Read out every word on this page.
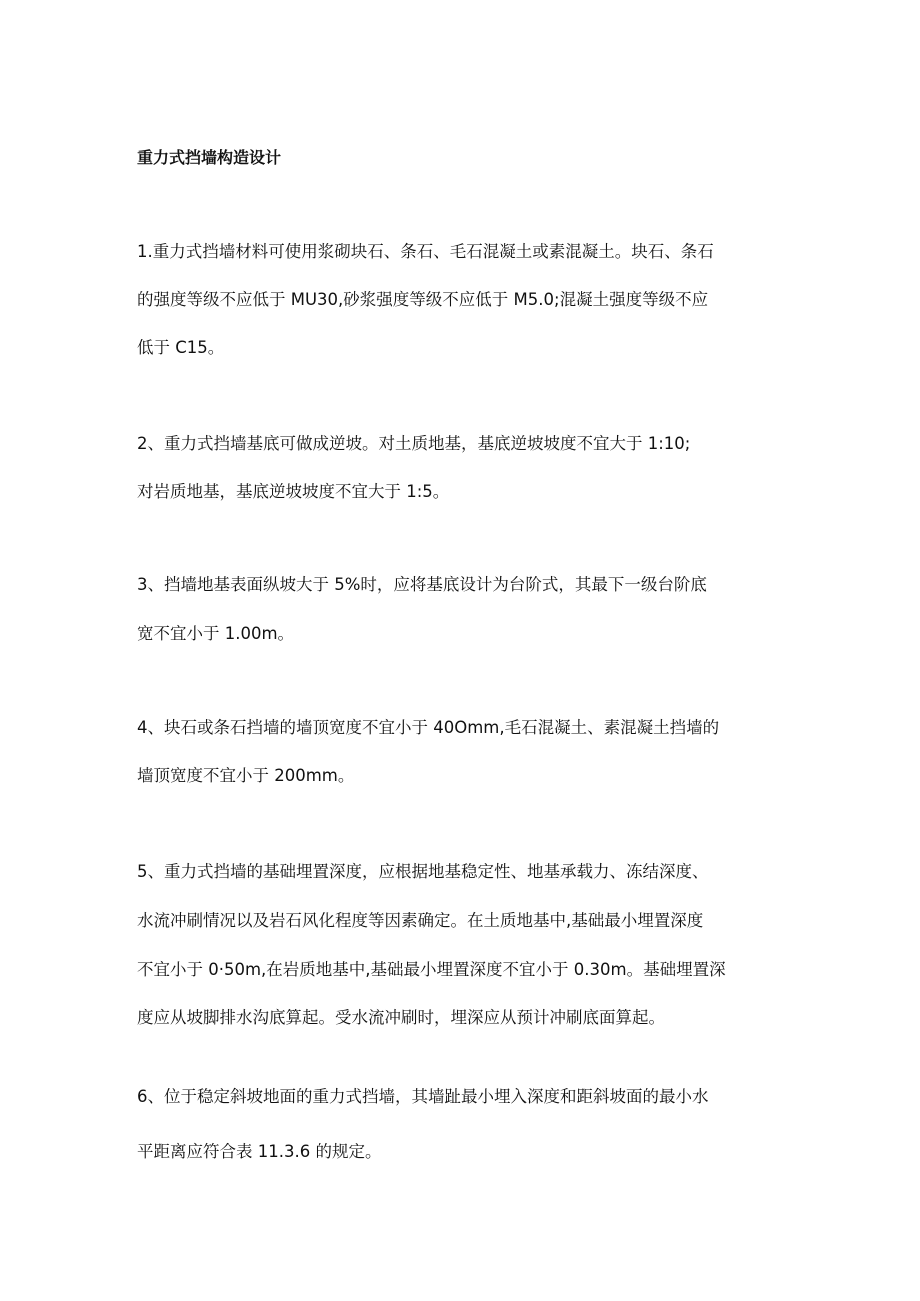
重力式挡墙构造设计
1.重力式挡墙材料可使用浆砌块石、条石、毛石混凝土或素混凝土。块石、条石
的强度等级不应低于 MU30,砂浆强度等级不应低于 M5.0;混凝土强度等级不应
低于 C15。
2、重力式挡墙基底可做成逆坡。对土质地基，基底逆坡坡度不宜大于 1:10;
对岩质地基，基底逆坡坡度不宜大于 1:5。
3、挡墙地基表面纵坡大于 5%时，应将基底设计为台阶式，其最下一级台阶底
宽不宜小于 1.00m。
4、块石或条石挡墙的墙顶宽度不宜小于 40Omm,毛石混凝土、素混凝土挡墙的
墙顶宽度不宜小于 200mm。
5、重力式挡墙的基础埋置深度，应根据地基稳定性、地基承载力、冻结深度、
水流冲刷情况以及岩石风化程度等因素确定。在土质地基中,基础最小埋置深度
不宜小于 0·50m,在岩质地基中,基础最小埋置深度不宜小于 0.30m。基础埋置深
度应从坡脚排水沟底算起。受水流冲刷时，埋深应从预计冲刷底面算起。
6、位于稳定斜坡地面的重力式挡墙，其墙趾最小埋入深度和距斜坡面的最小水
平距离应符合表 11.3.6 的规定。
